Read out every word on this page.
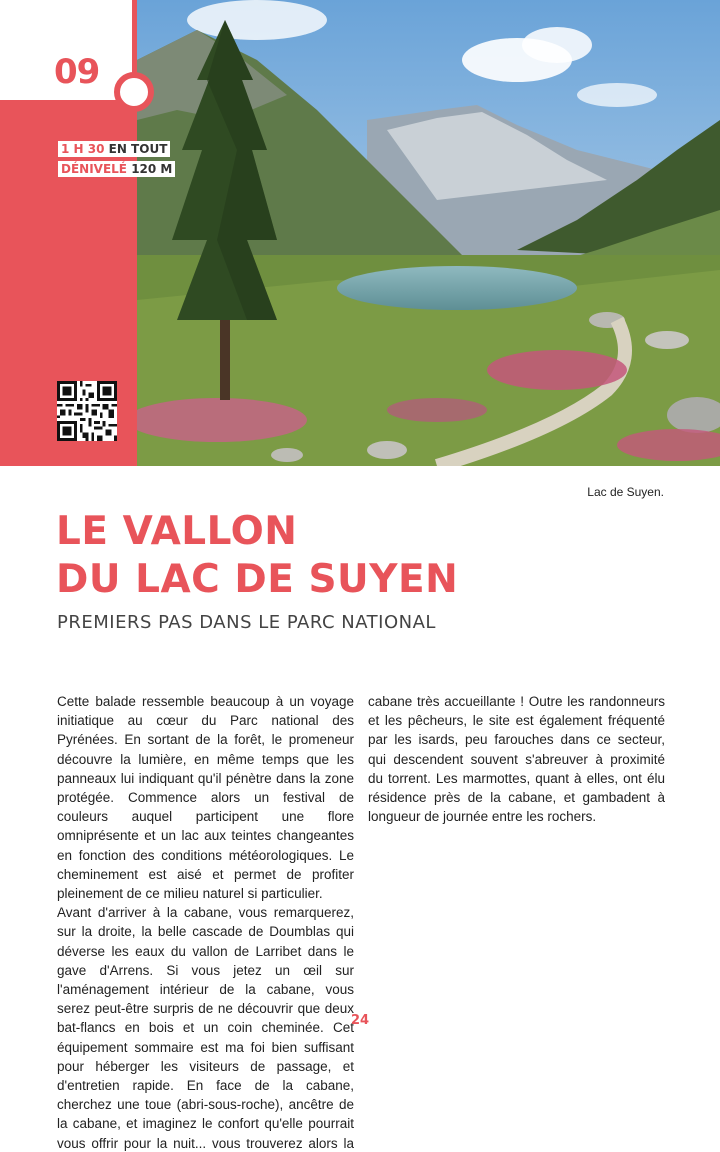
09
1 H 30 EN TOUT
DÉNIVELÉ 120 M
Lac de Suyen.
LE VALLON
DU LAC DE SUYEN
PREMIERS PAS DANS LE PARC NATIONAL

Cette balade ressemble beaucoup à un voyage initiatique au cœur du Parc national des Pyrénées. En sortant de la forêt, le promeneur découvre la lumière, en même temps que les panneaux lui indiquant qu'il pénètre dans la zone protégée. Commence alors un festival de couleurs auquel participent une flore omniprésente et un lac aux teintes changeantes en fonction des conditions météorologiques. Le cheminement est aisé et permet de profiter pleinement de ce milieu naturel si particulier.

Avant d'arriver à la cabane, vous remarquerez, sur la droite, la belle cascade de Doumblas qui déverse les eaux du vallon de Larribet dans le gave d'Arrens. Si vous jetez un œil sur l'aménagement intérieur de la cabane, vous serez peut-être surpris de ne découvrir que deux bat-flancs en bois et un coin cheminée. Cet équipement sommaire est ma foi bien suffisant pour héberger les visiteurs de passage, et d'entretien rapide. En face de la cabane, cherchez une toue (abri-sous-roche), ancêtre de la cabane, et imaginez le confort qu'elle pourrait vous offrir pour la nuit... vous trouverez alors la

cabane très accueillante ! Outre les randonneurs et les pêcheurs, le site est également fréquenté par les isards, peu farouches dans ce secteur, qui descendent souvent s'abreuver à proximité du torrent. Les marmottes, quant à elles, ont élu résidence près de la cabane, et gambadent à longueur de journée entre les rochers.

24
